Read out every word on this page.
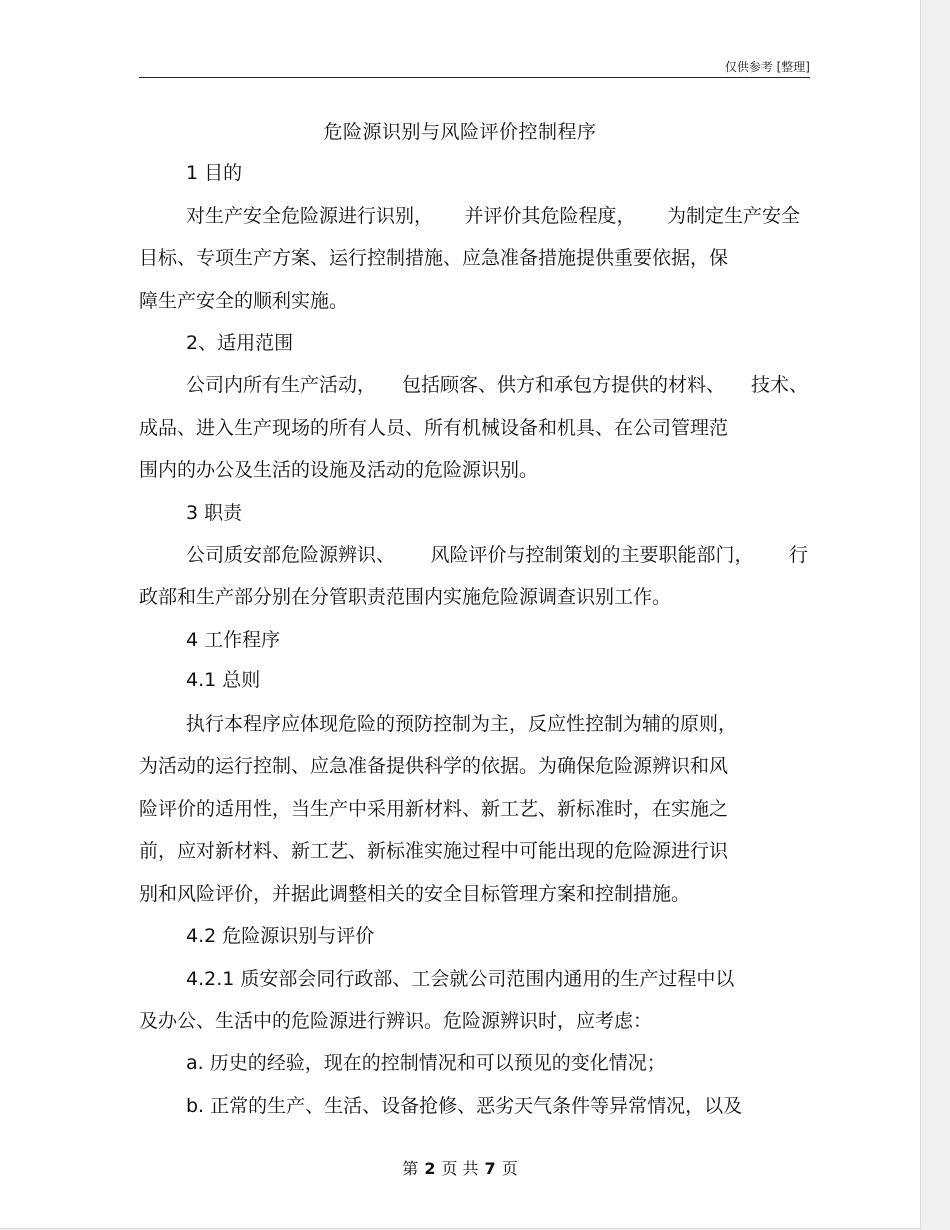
仅供参考 [整理]
危险源识别与风险评价控制程序
1 目的
对生产安全危险源进行识别， 并评价其危险程度， 为制定生产安全
目标、专项生产方案、运行控制措施、应急准备措施提供重要依据，保
障生产安全的顺利实施。
2、适用范围
公司内所有生产活动， 包括顾客、供方和承包方提供的材料、 技术、
成品、进入生产现场的所有人员、所有机械设备和机具、在公司管理范
围内的办公及生活的设施及活动的危险源识别。
3 职责
公司质安部危险源辨识、 风险评价与控制策划的主要职能部门， 行
政部和生产部分别在分管职责范围内实施危险源调查识别工作。
4 工作程序
4.1 总则
执行本程序应体现危险的预防控制为主，反应性控制为辅的原则，
为活动的运行控制、应急准备提供科学的依据。为确保危险源辨识和风
险评价的适用性，当生产中采用新材料、新工艺、新标准时，在实施之
前，应对新材料、新工艺、新标准实施过程中可能出现的危险源进行识
别和风险评价，并据此调整相关的安全目标管理方案和控制措施。
4.2 危险源识别与评价
4.2.1 质安部会同行政部、工会就公司范围内通用的生产过程中以
及办公、生活中的危险源进行辨识。危险源辨识时，应考虑：
a. 历史的经验，现在的控制情况和可以预见的变化情况；
b. 正常的生产、生活、设备抢修、恶劣天气条件等异常情况，以及
第 2 页 共 7 页
